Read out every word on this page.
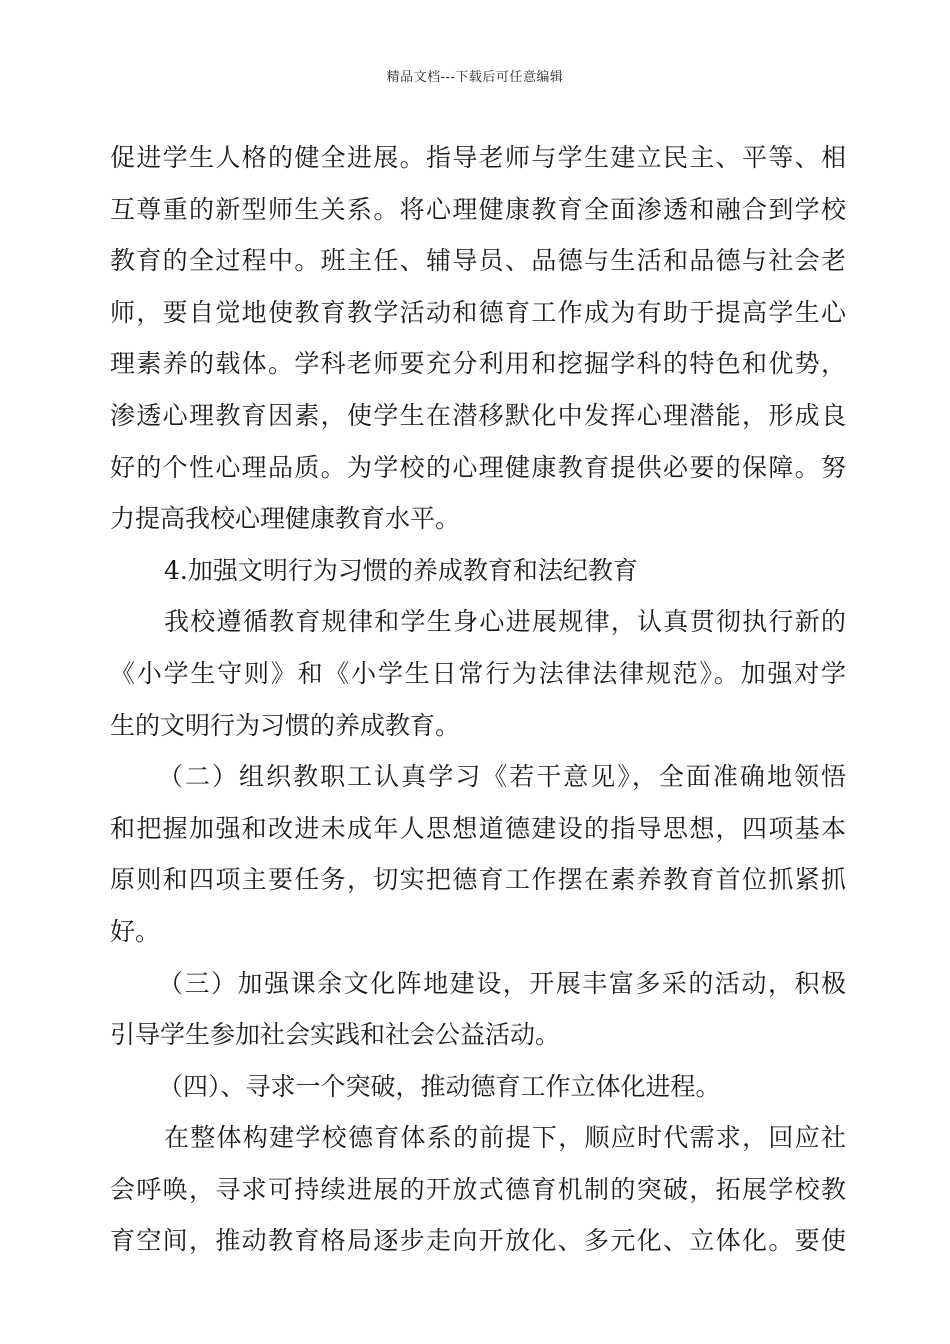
精品文档---下载后可任意编辑
促进学生人格的健全进展。指导老师与学生建立民主、平等、相
互尊重的新型师生关系。将心理健康教育全面渗透和融合到学校
教育的全过程中。班主任、辅导员、品德与生活和品德与社会老
师，要自觉地使教育教学活动和德育工作成为有助于提高学生心
理素养的载体。学科老师要充分利用和挖掘学科的特色和优势，
渗透心理教育因素，使学生在潜移默化中发挥心理潜能，形成良
好的个性心理品质。为学校的心理健康教育提供必要的保障。努
力提高我校心理健康教育水平。
4.加强文明行为习惯的养成教育和法纪教育
我校遵循教育规律和学生身心进展规律，认真贯彻执行新的
《小学生守则》和《小学生日常行为法律法律规范》。加强对学
生的文明行为习惯的养成教育。
（二）组织教职工认真学习《若干意见》，全面准确地领悟
和把握加强和改进未成年人思想道德建设的指导思想，四项基本
原则和四项主要任务，切实把德育工作摆在素养教育首位抓紧抓
好。
（三）加强课余文化阵地建设，开展丰富多采的活动，积极
引导学生参加社会实践和社会公益活动。
（四）、寻求一个突破，推动德育工作立体化进程。
在整体构建学校德育体系的前提下，顺应时代需求，回应社
会呼唤，寻求可持续进展的开放式德育机制的突破，拓展学校教
育空间，推动教育格局逐步走向开放化、多元化、立体化。要使
